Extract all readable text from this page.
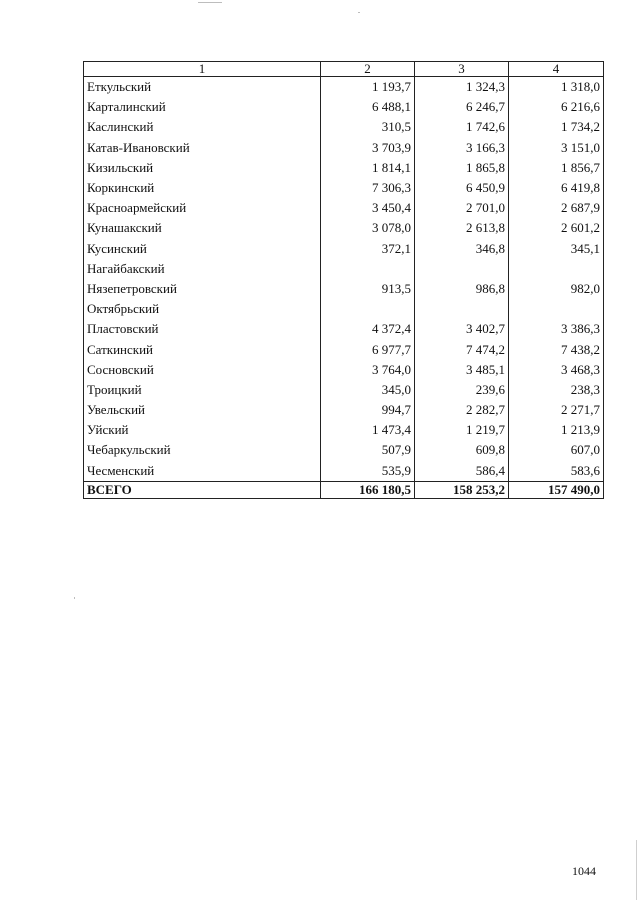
1	2	3	4
Еткульский	1 193,7	1 324,3	1 318,0
Карталинский	6 488,1	6 246,7	6 216,6
Каслинский	310,5	1 742,6	1 734,2
Катав-Ивановский	3 703,9	3 166,3	3 151,0
Кизильский	1 814,1	1 865,8	1 856,7
Коркинский	7 306,3	6 450,9	6 419,8
Красноармейский	3 450,4	2 701,0	2 687,9
Кунашакский	3 078,0	2 613,8	2 601,2
Кусинский	372,1	346,8	345,1
Нагайбакский			
Нязепетровский	913,5	986,8	982,0
Октябрьский			
Пластовский	4 372,4	3 402,7	3 386,3
Саткинский	6 977,7	7 474,2	7 438,2
Сосновский	3 764,0	3 485,1	3 468,3
Троицкий	345,0	239,6	238,3
Увельский	994,7	2 282,7	2 271,7
Уйский	1 473,4	1 219,7	1 213,9
Чебаркульский	507,9	609,8	607,0
Чесменский	535,9	586,4	583,6
ВСЕГО	166 180,5	158 253,2	157 490,0
1044
